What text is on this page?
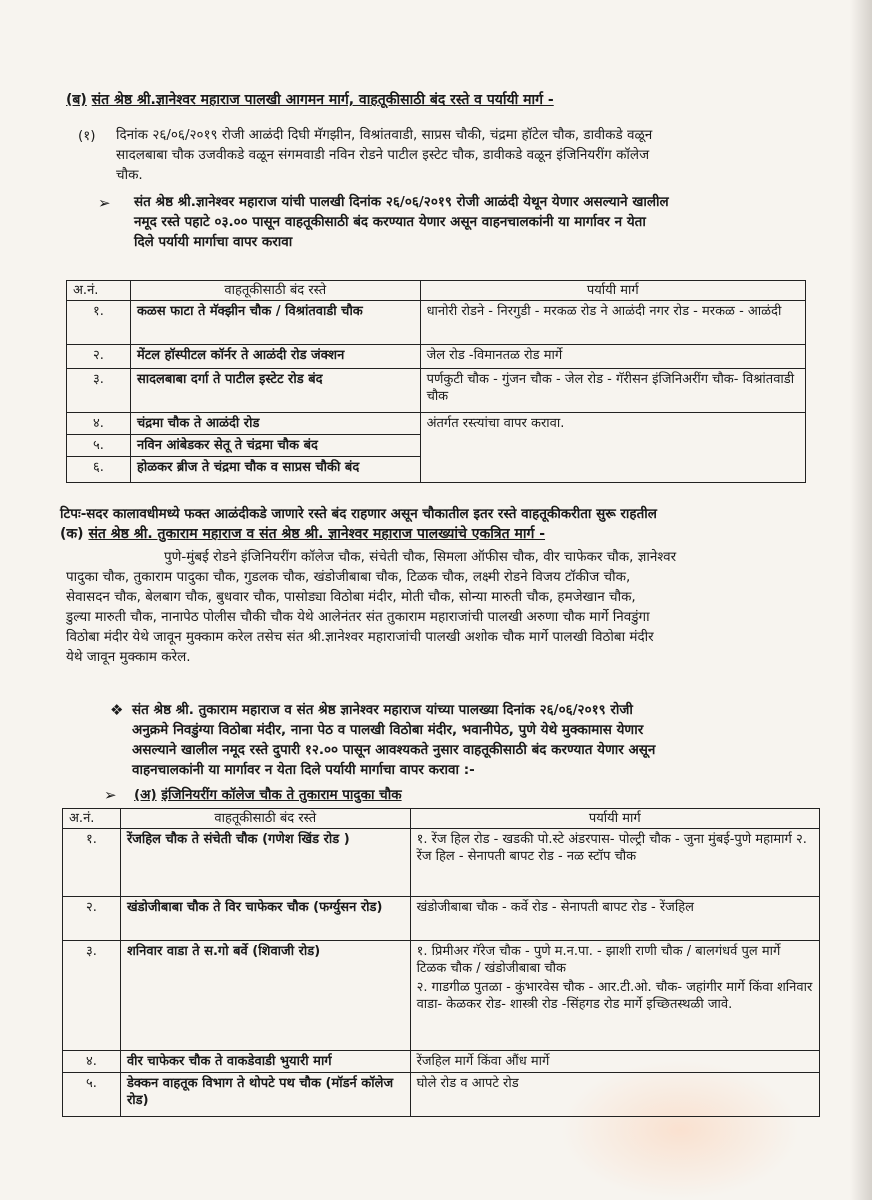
(ब) संत श्रेष्ठ श्री.ज्ञानेश्वर महाराज पालखी आगमन मार्ग, वाहतूकीसाठी बंद रस्ते व पर्यायी मार्ग -
(१)	दिनांक २६/०६/२०१९ रोजी आळंदी दिघी मॅगझीन, विश्रांतवाडी, साप्रस चौकी, चंद्रमा हॉटेल चौक, डावीकडे वळून
सादलबाबा चौक उजवीकडे वळून संगमवाडी नविन रोडने पाटील इस्टेट चौक, डावीकडे वळून इंजिनियरींग कॉलेज
चौक.
➢ संत श्रेष्ठ श्री.ज्ञानेश्वर महाराज यांची पालखी दिनांक २६/०६/२०१९ रोजी आळंदी येथून येणार असल्याने खालील
नमूद रस्ते पहाटे ०३.०० पासून वाहतूकीसाठी बंद करण्यात येणार असून वाहनचालकांनी या मार्गावर न येता
दिले पर्यायी मार्गाचा वापर करावा
अ.नं.	वाहतूकीसाठी बंद रस्ते	पर्यायी मार्ग
१.	कळस फाटा ते मॅक्झीन चौक / विश्रांतवाडी चौक	धानोरी रोडने - निरगुडी - मरकळ रोड ने आळंदी नगर रोड - मरकळ - आळंदी
२.	मेंटल हॉस्पीटल कॉर्नर ते आळंदी रोड जंक्शन	जेल रोड -विमानतळ रोड मार्गे
३.	सादलबाबा दर्गा ते पाटील इस्टेट रोड बंद	पर्णकुटी चौक - गुंजन चौक - जेल रोड - गॅरीसन इंजिनिअरींग चौक- विश्रांतवाडी चौक
४.	चंद्रमा चौक ते आळंदी रोड	अंतर्गत रस्त्यांचा वापर करावा.
५.	नविन आंबेडकर सेतू ते चंद्रमा चौक बंद	
६.	होळकर ब्रीज ते चंद्रमा चौक व साप्रस चौकी बंद	
टिपः-सदर कालावधीमध्ये फक्त आळंदीकडे जाणारे रस्ते बंद राहणार असून चौकातील इतर रस्ते वाहतूकीकरीता सुरू राहतील
(क) संत श्रेष्ठ श्री. तुकाराम महाराज व संत श्रेष्ठ श्री. ज्ञानेश्वर महाराज पालख्यांचे एकत्रित मार्ग -
पुणे-मुंबई रोडने इंजिनियरींग कॉलेज चौक, संचेती चौक, सिमला ऑफीस चौक, वीर चाफेकर चौक, ज्ञानेश्वर
पादुका चौक, तुकाराम पादुका चौक, गुडलक चौक, खंडोजीबाबा चौक, टिळक चौक, लक्ष्मी रोडने विजय टॉकीज चौक,
सेवासदन चौक, बेलबाग चौक, बुधवार चौक, पासोड्या विठोबा मंदीर, मोती चौक, सोन्या मारुती चौक, हमजेखान चौक,
डुल्या मारुती चौक, नानापेठ पोलीस चौकी चौक येथे आलेनंतर संत तुकाराम महाराजांची पालखी अरुणा चौक मार्गे निवडुंगा
विठोबा मंदीर येथे जावून मुक्काम करेल तसेच संत श्री.ज्ञानेश्वर महाराजांची पालखी अशोक चौक मार्गे पालखी विठोबा मंदीर
येथे जावून मुक्काम करेल.
❖ संत श्रेष्ठ श्री. तुकाराम महाराज व संत श्रेष्ठ ज्ञानेश्वर महाराज यांच्या पालख्या दिनांक २६/०६/२०१९ रोजी
अनुक्रमे निवडुंग्या विठोबा मंदीर, नाना पेठ व पालखी विठोबा मंदीर, भवानीपेठ, पुणे येथे मुक्कामास येणार
असल्याने खालील नमूद रस्ते दुपारी १२.०० पासून आवश्यकते नुसार वाहतूकीसाठी बंद करण्यात येणार असून
वाहनचालकांनी या मार्गावर न येता दिले पर्यायी मार्गाचा वापर करावा :-
➢ (अ) इंजिनियरींग कॉलेज चौक ते तुकाराम पादुका चौक
अ.नं.	वाहतूकीसाठी बंद रस्ते	पर्यायी मार्ग
१.	रेंजहिल चौक ते संचेती चौक (गणेश खिंड रोड )	१. रेंज हिल रोड - खडकी पो.स्टे अंडरपास- पोल्ट्री चौक - जुना मुंबई-पुणे महामार्ग २. रेंज हिल - सेनापती बापट रोड - नळ स्टॉप चौक
२.	खंडोजीबाबा चौक ते विर चाफेकर चौक (फर्ग्युसन रोड)	खंडोजीबाबा चौक - कर्वे रोड - सेनापती बापट रोड - रेंजहिल
३.	शनिवार वाडा ते स.गो बर्वे (शिवाजी रोड)	१. प्रिमीअर गॅरेज चौक - पुणे म.न.पा. - झाशी राणी चौक / बालगंधर्व पुल मार्गे टिळक चौक / खंडोजीबाबा चौक
२. गाडगीळ पुतळा - कुंभारवेस चौक - आर.टी.ओ. चौक- जहांगीर मार्गे किंवा शनिवार वाडा- केळकर रोड- शास्त्री रोड -सिंहगड रोड मार्गे इच्छितस्थळी जावे.

४.	वीर चाफेकर चौक ते वाकडेवाडी भुयारी मार्ग	रेंजहिल मार्गे किंवा औंध मार्गे
५.	डेक्कन वाहतूक विभाग ते थोपटे पथ चौक (मॉडर्न कॉलेज रोड)	घोले रोड व आपटे रोड
